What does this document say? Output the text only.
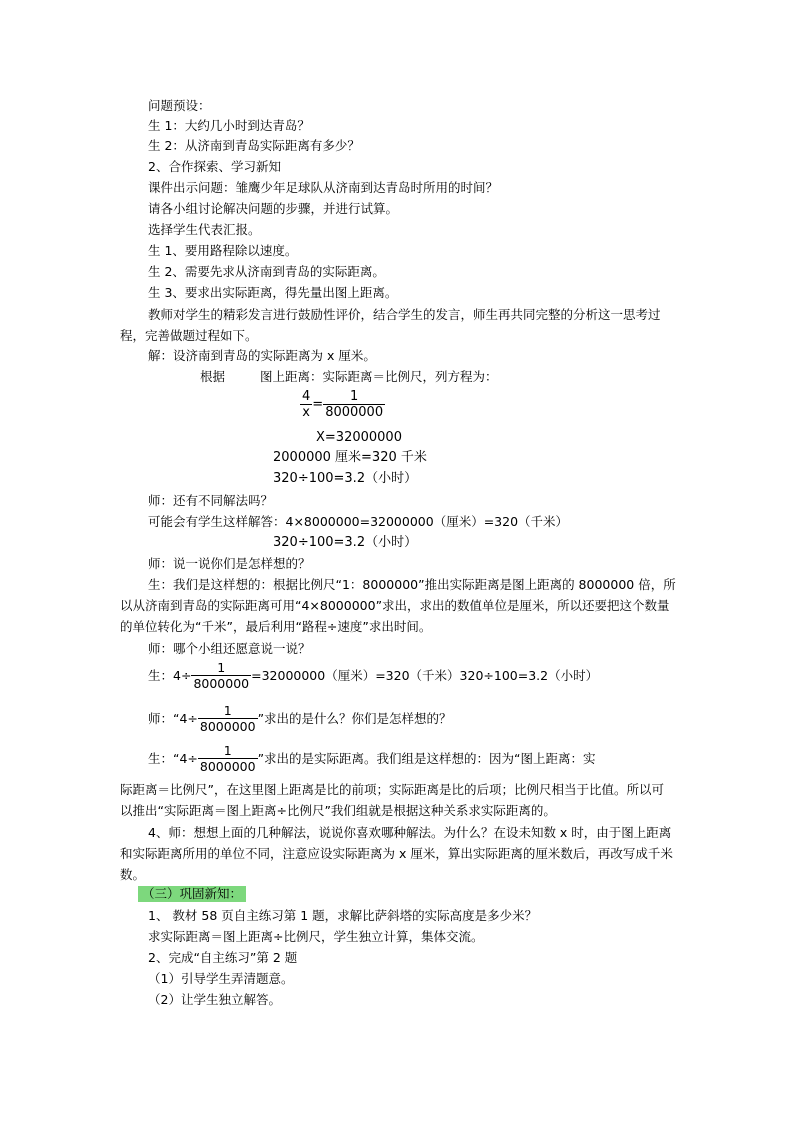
问题预设：
生 1：大约几小时到达青岛？
生 2：从济南到青岛实际距离有多少？
2、合作探索、学习新知
课件出示问题：雏鹰少年足球队从济南到达青岛时所用的时间？
请各小组讨论解决问题的步骤，并进行试算。
选择学生代表汇报。
生 1、要用路程除以速度。
生 2、需要先求从济南到青岛的实际距离。
生 3、要求出实际距离，得先量出图上距离。
教师对学生的精彩发言进行鼓励性评价，结合学生的发言，师生再共同完整的分析这一思考过程，完善做题过程如下。
解：设济南到青岛的实际距离为 x 厘米。
根据	图上距离：实际距离＝比例尺，列方程为：
$\frac{4}{x} = \frac{1}{8000000}$
X=32000000
2000000 厘米=320 千米
320÷100=3.2（小时）
师：还有不同解法吗？
可能会有学生这样解答：4×8000000=32000000（厘米）=320（千米）
320÷100=3.2（小时）
师：说一说你们是怎样想的？
生：我们是这样想的：根据比例尺“1：8000000”推出实际距离是图上距离的 8000000 倍，所以从济南到青岛的实际距离可用“4×8000000”求出，求出的数值单位是厘米，所以还要把这个数量的单位转化为“千米”，最后利用“路程÷速度”求出时间。
师：哪个小组还愿意说一说？
生：$4\div \frac{1}{8000000} =32000000$（厘米）=320（千米）320÷100=3.2（小时）
师：“$4\div \frac{1}{8000000}$ ”求出的是什么？你们是怎样想的？
生：“$4\div \frac{1}{8000000}$ ”求出的是实际距离。我们组是这样想的：因为“图上距离：实
际距离＝比例尺”，在这里图上距离是比的前项；实际距离是比的后项；比例尺相当于比值。所以可以推出“实际距离＝图上距离÷比例尺”我们组就是根据这种关系求实际距离的。
4、师：想想上面的几种解法，说说你喜欢哪种解法。为什么？在设未知数 x 时，由于图上距离和实际距离所用的单位不同，注意应设实际距离为 x 厘米，算出实际距离的厘米数后，再改写成千米数。
（三）巩固新知：
1、 教材 58 页自主练习第 1 题，求解比萨斜塔的实际高度是多少米？
求实际距离＝图上距离÷比例尺，学生独立计算，集体交流。
2、完成“自主练习”第 2 题
（1）引导学生弄清题意。
（2）让学生独立解答。
